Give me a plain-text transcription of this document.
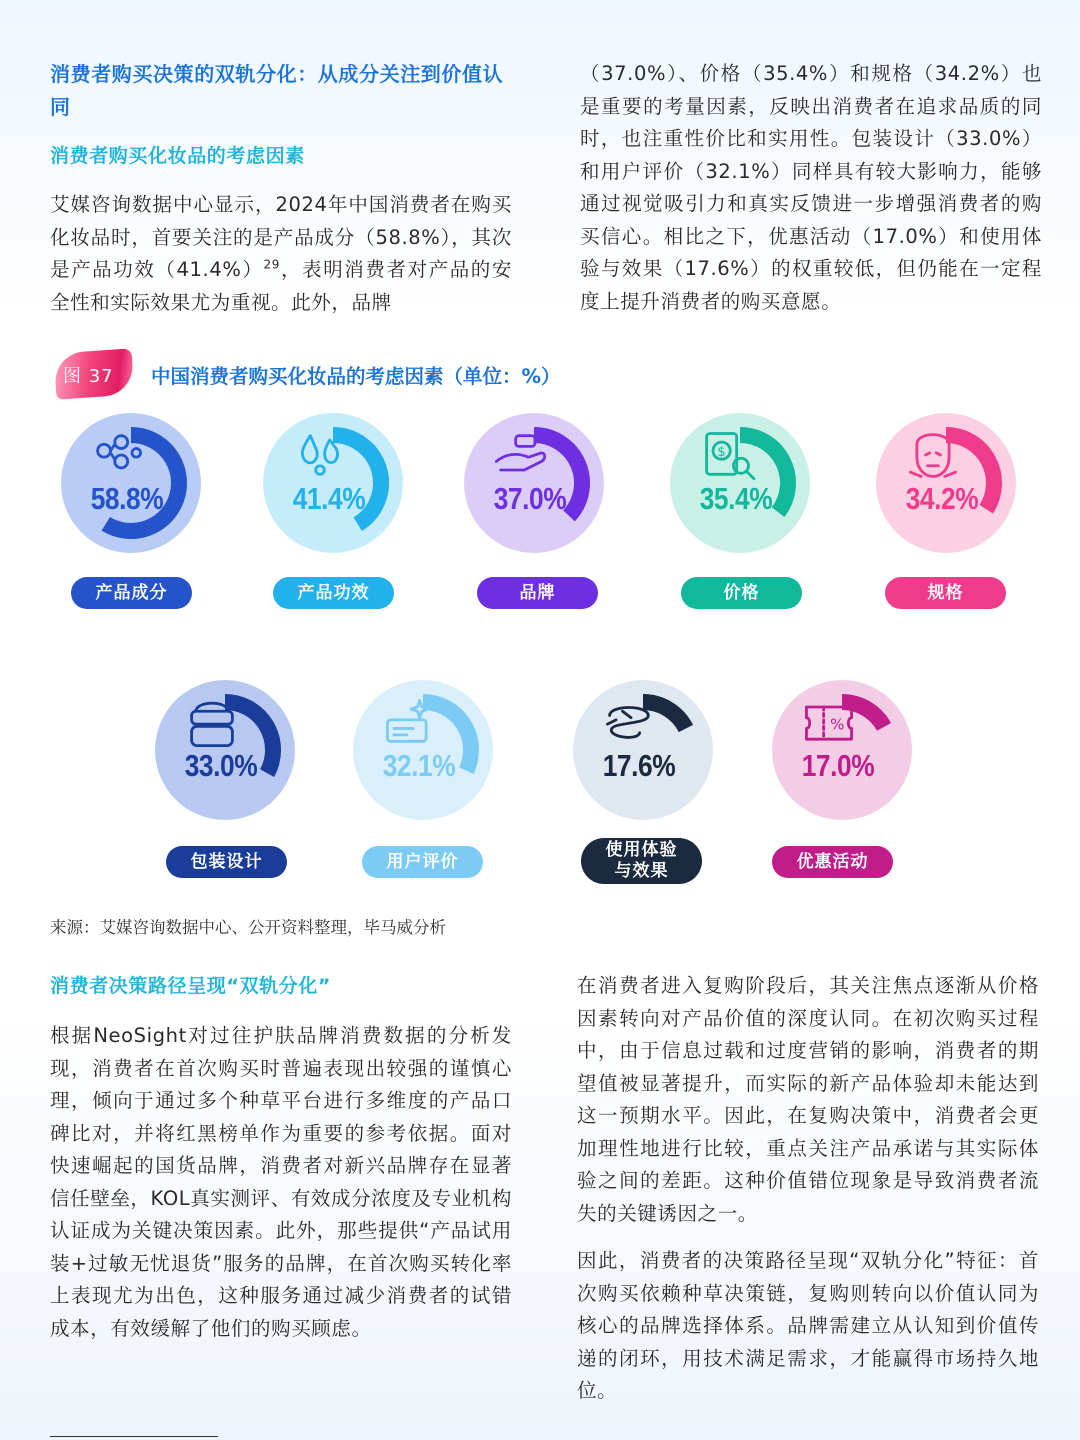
消费者购买决策的双轨分化：从成分关注到价值认同
消费者购买化妆品的考虑因素

艾媒咨询数据中心显示，2024年中国消费者在购买化妆品时，首要关注的是产品成分（58.8%），其次是产品功效$(41.4\%)^{29}$，表明消费者对产品的安全性和实际效果尤为重视。此外，品牌

（37.0%）、价格（35.4%）和规格（34.2%）也是重要的考量因素，反映出消费者在追求品质的同时，也注重性价比和实用性。包装设计（33.0%）和用户评价（32.1%）同样具有较大影响力，能够通过视觉吸引力和真实反馈进一步增强消费者的购买信心。相比之下，优惠活动（17.0%）和使用体验与效果（17.6%）的权重较低，但仍能在一定程度上提升消费者的购买意愿。

图 37 中国消费者购买化妆品的考虑因素（单位：%）
58.8%
产品成分
41.4%
产品功效
37.0%
品牌
$
35.4%
价格
34.2%
规格
33.0%
包装设计
32.1%
用户评价
17.6%
使用体验
与效果
%
17.0%
优惠活动
来源：艾媒咨询数据中心、公开资料整理，毕马威分析
消费者决策路径呈现“双轨分化”

根据NeoSight对过往护肤品牌消费数据的分析发现，消费者在首次购买时普遍表现出较强的谨慎心理，倾向于通过多个种草平台进行多维度的产品口碑比对，并将红黑榜单作为重要的参考依据。面对快速崛起的国货品牌，消费者对新兴品牌存在显著信任壁垒，KOL真实测评、有效成分浓度及专业机构认证成为关键决策因素。此外，那些提供“产品试用装+过敏无忧退货”服务的品牌，在首次购买转化率上表现尤为出色，这种服务通过减少消费者的试错成本，有效缓解了他们的购买顾虑。

在消费者进入复购阶段后，其关注焦点逐渐从价格因素转向对产品价值的深度认同。在初次购买过程中，由于信息过载和过度营销的影响，消费者的期望值被显著提升，而实际的新产品体验却未能达到这一预期水平。因此，在复购决策中，消费者会更加理性地进行比较，重点关注产品承诺与其实际体验之间的差距。这种价值错位现象是导致消费者流失的关键诱因之一。

因此，消费者的决策路径呈现“双轨分化”特征：首次购买依赖种草决策链，复购则转向以价值认同为核心的品牌选择体系。品牌需建立从认知到价值传递的闭环，用技术满足需求，才能赢得市场持久地位。
